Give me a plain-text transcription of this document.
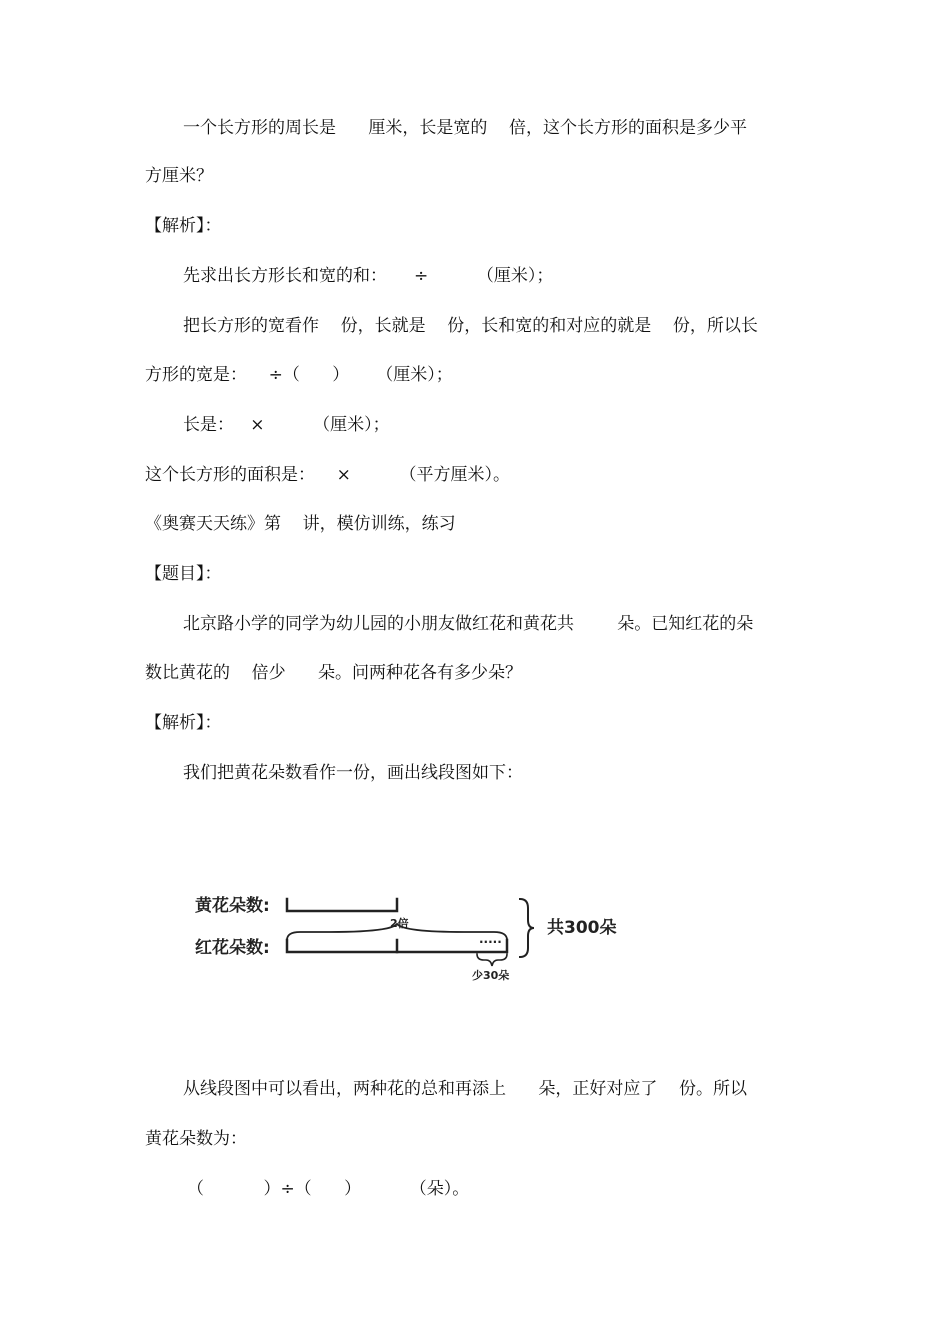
一个长方形的周长是      厘米，长是宽的    倍，这个长方形的面积是多少平
方厘米？
【解析】：
先求出长方形长和宽的和：     ÷         （厘米）；
把长方形的宽看作    份，长就是    份，长和宽的和对应的就是    份，所以长
方形的宽是：    ÷（      ）     （厘米）；
长是：   ×         （厘米）；
这个长方形的面积是：    ×         （平方厘米）。
《奥赛天天练》第    讲，模仿训练，练习
【题目】：
北京路小学的同学为幼儿园的小朋友做红花和黄花共        朵。已知红花的朵
数比黄花的    倍少      朵。问两种花各有多少朵？
【解析】：
我们把黄花朵数看作一份，画出线段图如下：
黄花朵数:
红花朵数:
2倍
·····
少30朵
共300朵
从线段图中可以看出，两种花的总和再添上      朵，正好对应了    份。所以
黄花朵数为：
（           ）÷（      ）         （朵）。
